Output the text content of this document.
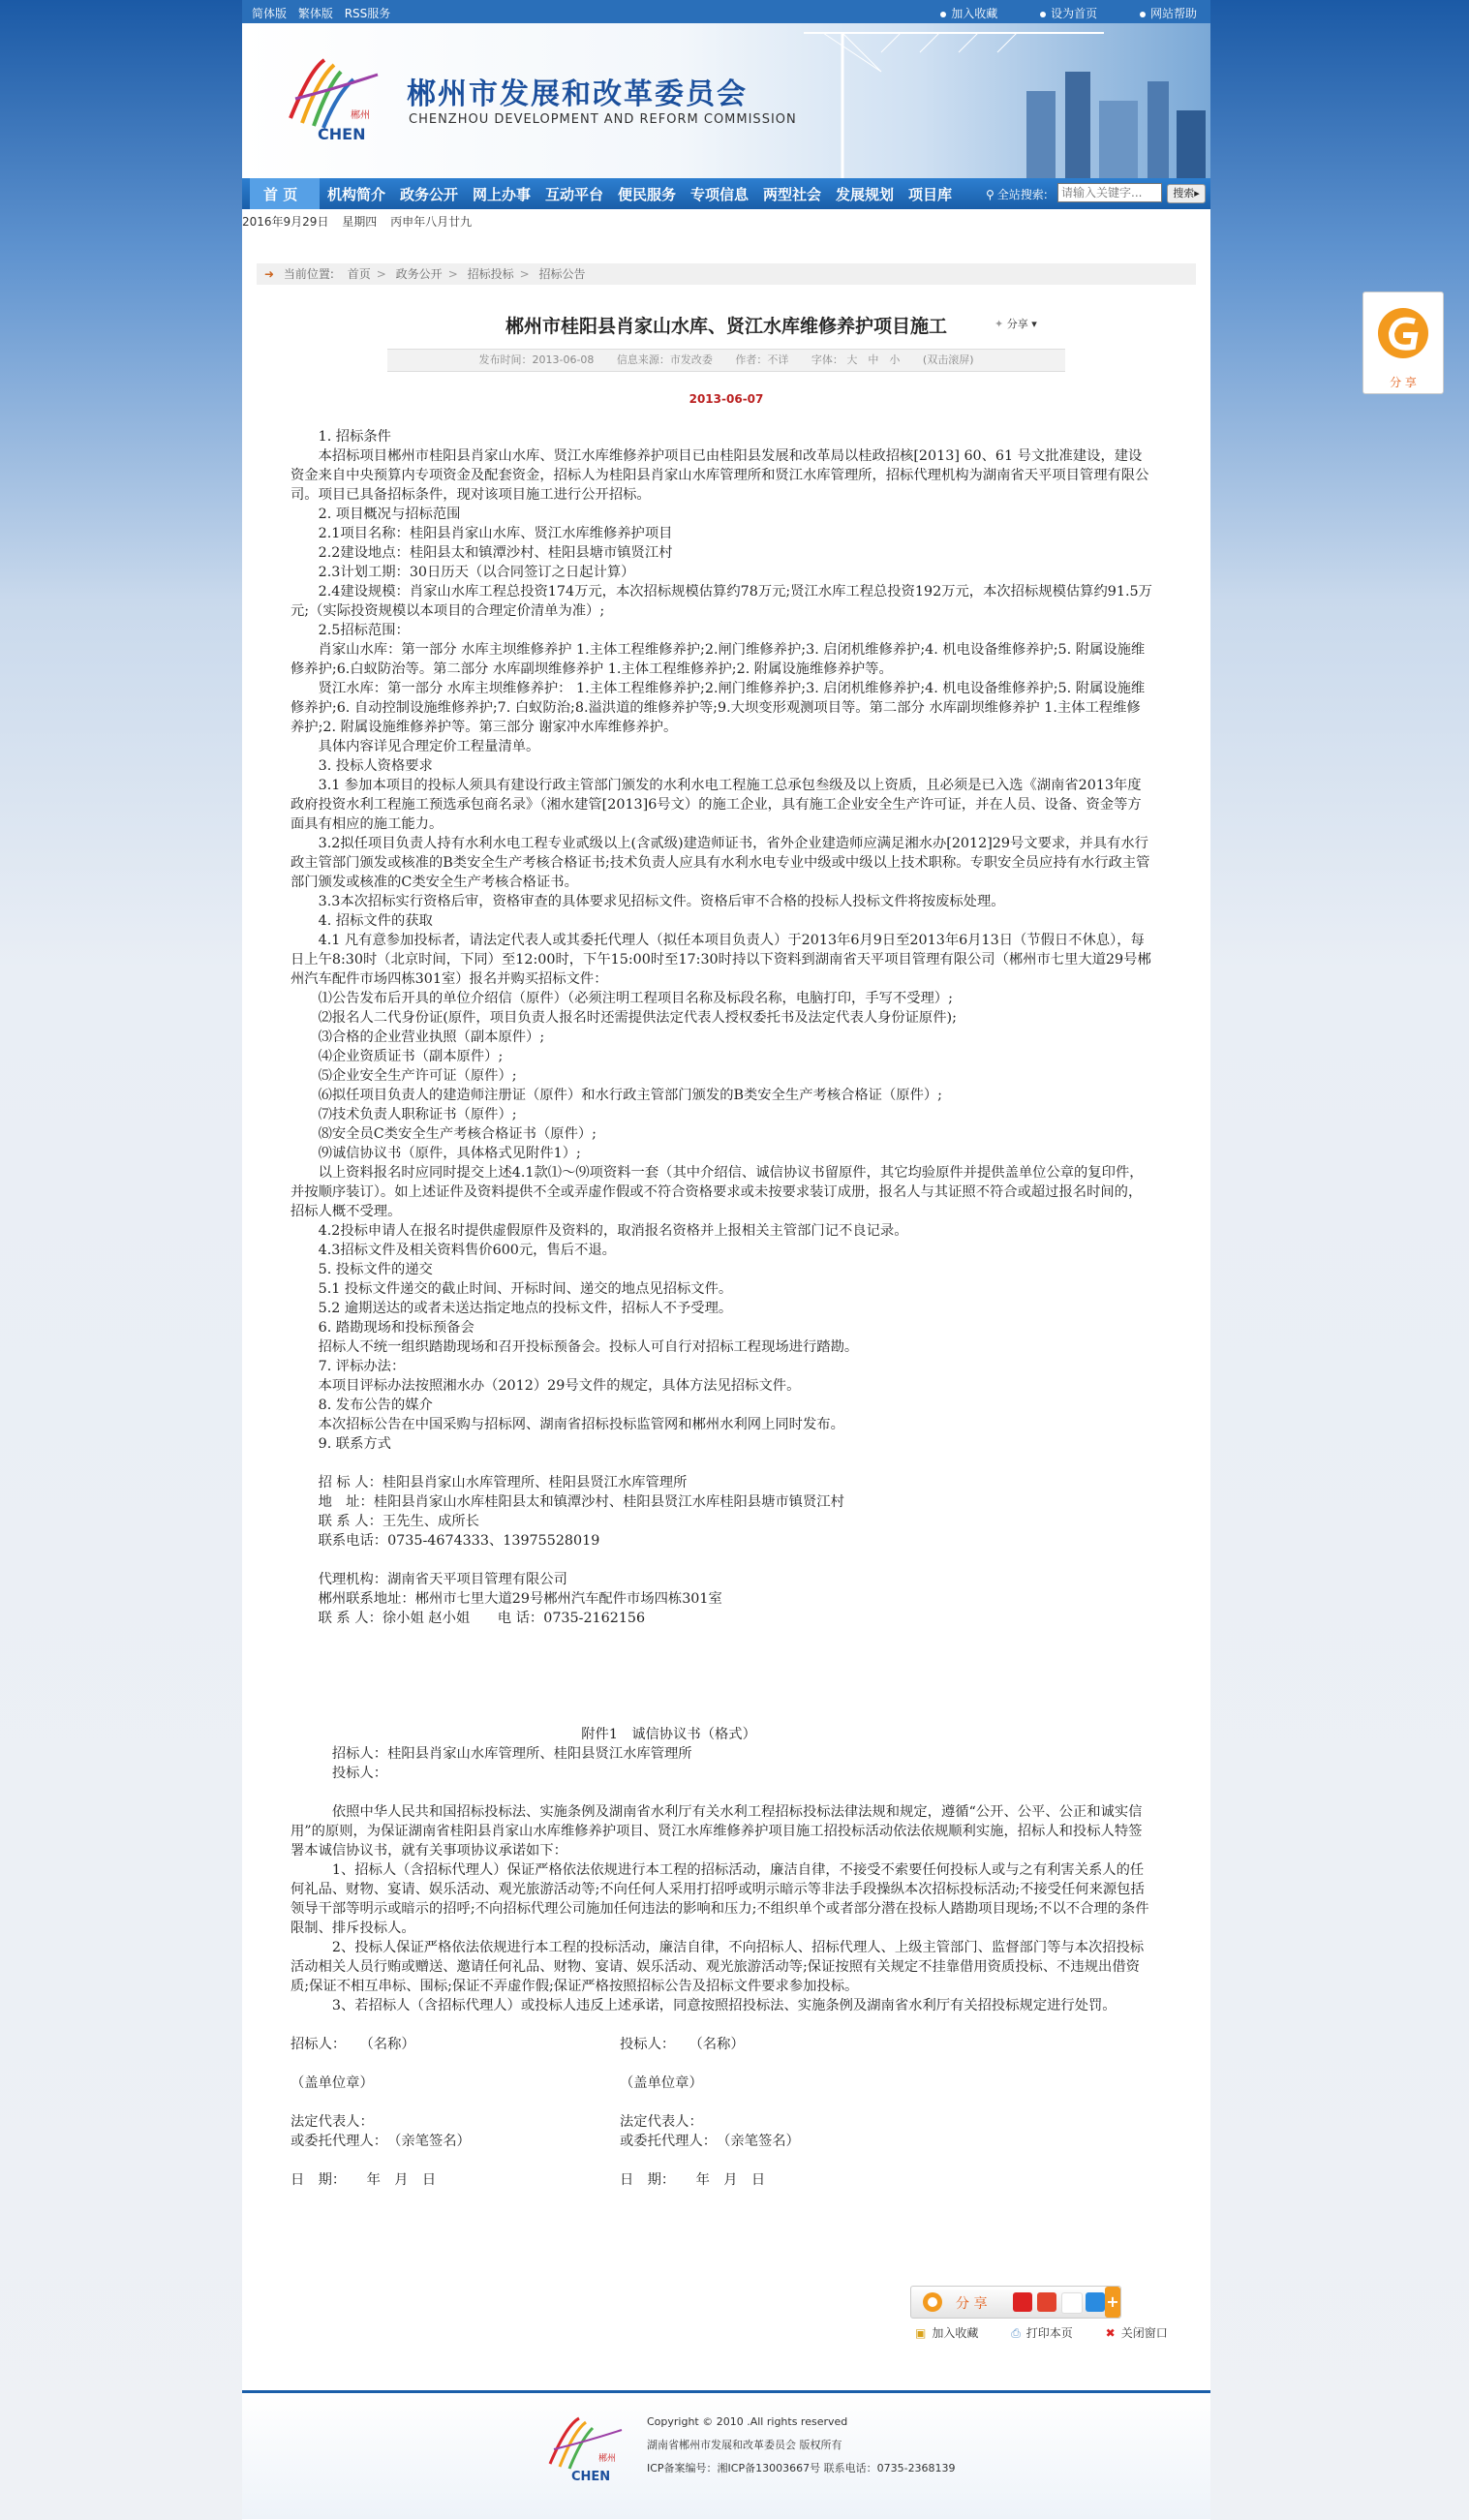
简体版 繁体版 RSS服务	加入收藏	设为首页	网站帮助
郴州
CHEN
郴州市发展和改革委员会
CHENZHOU DEVELOPMENT AND REFORM COMMISSION
首 页 机构简介 政务公开 网上办事 互动平台 便民服务 专项信息 两型社会 发展规划 项目库	⚲ 全站搜索:
请输入关键字...	搜索▸
2016年9月29日 星期四 丙申年八月廿九
➜ 当前位置: 首页 > 政务公开 > 招标投标 > 招标公告
郴州市桂阳县肖家山水库、贤江水库维修养护项目施工	✦ 分享 ▾
发布时间：2013-06-08 信息来源：市发改委 作者：不详 字体： 大　中　小 (双击滚屏)
2013-06-07

　　1. 招标条件

　　本招标项目郴州市桂阳县肖家山水库、贤江水库维修养护项目已由桂阳县发展和改革局以桂政招核[2013] 60、61 号文批准建设，建设资金来自中央预算内专项资金及配套资金，招标人为桂阳县肖家山水库管理所和贤江水库管理所，招标代理机构为湖南省天平项目管理有限公司。项目已具备招标条件，现对该项目施工进行公开招标。

　　2. 项目概况与招标范围

　　2.1项目名称：桂阳县肖家山水库、贤江水库维修养护项目

　　2.2建设地点：桂阳县太和镇潭沙村、桂阳县塘市镇贤江村

　　2.3计划工期：30日历天（以合同签订之日起计算）

　　2.4建设规模：肖家山水库工程总投资174万元，本次招标规模估算约78万元;贤江水库工程总投资192万元，本次招标规模估算约91.5万元;（实际投资规模以本项目的合理定价清单为准）;

　　2.5招标范围：

　　肖家山水库：第一部分 水库主坝维修养护 1.主体工程维修养护;2.闸门维修养护;3. 启闭机维修养护;4. 机电设备维修养护;5. 附属设施维修养护;6.白蚁防治等。第二部分 水库副坝维修养护 1.主体工程维修养护;2. 附属设施维修养护等。

　　贤江水库：第一部分 水库主坝维修养护： 1.主体工程维修养护;2.闸门维修养护;3. 启闭机维修养护;4. 机电设备维修养护;5. 附属设施维修养护;6. 自动控制设施维修养护;7. 白蚁防治;8.溢洪道的维修养护等;9.大坝变形观测项目等。第二部分 水库副坝维修养护 1.主体工程维修养护;2. 附属设施维修养护等。第三部分 谢家冲水库维修养护。

　　具体内容详见合理定价工程量清单。

　　3. 投标人资格要求

　　3.1 参加本项目的投标人须具有建设行政主管部门颁发的水利水电工程施工总承包叁级及以上资质，且必须是已入选《湖南省2013年度政府投资水利工程施工预选承包商名录》（湘水建管[2013]6号文）的施工企业，具有施工企业安全生产许可证，并在人员、设备、资金等方面具有相应的施工能力。

　　3.2拟任项目负责人持有水利水电工程专业贰级以上(含贰级)建造师证书，省外企业建造师应满足湘水办[2012]29号文要求，并具有水行政主管部门颁发或核准的B类安全生产考核合格证书;技术负责人应具有水利水电专业中级或中级以上技术职称。专职安全员应持有水行政主管部门颁发或核准的C类安全生产考核合格证书。

　　3.3本次招标实行资格后审，资格审查的具体要求见招标文件。资格后审不合格的投标人投标文件将按废标处理。

　　4. 招标文件的获取

　　4.1 凡有意参加投标者，请法定代表人或其委托代理人（拟任本项目负责人）于2013年6月9日至2013年6月13日（节假日不休息），每日上午8:30时（北京时间，下同）至12:00时，下午15:00时至17:30时持以下资料到湖南省天平项目管理有限公司（郴州市七里大道29号郴州汽车配件市场四栋301室）报名并购买招标文件：

　　⑴公告发布后开具的单位介绍信（原件）（必须注明工程项目名称及标段名称，电脑打印，手写不受理）;

　　⑵报名人二代身份证(原件，项目负责人报名时还需提供法定代表人授权委托书及法定代表人身份证原件);

　　⑶合格的企业营业执照（副本原件）;

　　⑷企业资质证书（副本原件）;

　　⑸企业安全生产许可证（原件）;

　　⑹拟任项目负责人的建造师注册证（原件）和水行政主管部门颁发的B类安全生产考核合格证（原件）;

　　⑺技术负责人职称证书（原件）;

　　⑻安全员C类安全生产考核合格证书（原件）;

　　⑼诚信协议书（原件，具体格式见附件1）;

　　以上资料报名时应同时提交上述4.1款⑴～⑼项资料一套（其中介绍信、诚信协议书留原件，其它均验原件并提供盖单位公章的复印件，并按顺序装订）。如上述证件及资料提供不全或弄虚作假或不符合资格要求或未按要求装订成册，报名人与其证照不符合或超过报名时间的，招标人概不受理。

　　4.2投标申请人在报名时提供虚假原件及资料的，取消报名资格并上报相关主管部门记不良记录。

　　4.3招标文件及相关资料售价600元，售后不退。

　　5. 投标文件的递交

　　5.1 投标文件递交的截止时间、开标时间、递交的地点见招标文件。

　　5.2 逾期送达的或者未送达指定地点的投标文件，招标人不予受理。

　　6. 踏勘现场和投标预备会

　　招标人不统一组织踏勘现场和召开投标预备会。投标人可自行对招标工程现场进行踏勘。

　　7. 评标办法：

　　本项目评标办法按照湘水办（2012）29号文件的规定，具体方法见招标文件。

　　8. 发布公告的媒介

　　本次招标公告在中国采购与招标网、湖南省招标投标监管网和郴州水利网上同时发布。

　　9. 联系方式

　　招 标 人：桂阳县肖家山水库管理所、桂阳县贤江水库管理所

　　地　址：桂阳县肖家山水库桂阳县太和镇潭沙村、桂阳县贤江水库桂阳县塘市镇贤江村

　　联 系 人：王先生、成所长

　　联系电话：0735-4674333、13975528019

　　代理机构：湖南省天平项目管理有限公司

　　郴州联系地址：郴州市七里大道29号郴州汽车配件市场四栋301室

　　联 系 人：徐小姐 赵小姐　　电 话：0735-2162156

　　　　　　　　　　　　　　　　　　　　　附件1　诚信协议书（格式）

　　　招标人：桂阳县肖家山水库管理所、桂阳县贤江水库管理所

　　　投标人：

　　　依照中华人民共和国招标投标法、实施条例及湖南省水利厅有关水利工程招标投标法律法规和规定，遵循“公开、公平、公正和诚实信用”的原则，为保证湖南省桂阳县肖家山水库维修养护项目、贤江水库维修养护项目施工招投标活动依法依规顺利实施，招标人和投标人特签署本诚信协议书，就有关事项协议承诺如下：

　　　1、招标人（含招标代理人）保证严格依法依规进行本工程的招标活动，廉洁自律，不接受不索要任何投标人或与之有利害关系人的任何礼品、财物、宴请、娱乐活动、观光旅游活动等;不向任何人采用打招呼或明示暗示等非法手段操纵本次招标投标活动;不接受任何来源包括领导干部等明示或暗示的招呼;不向招标代理公司施加任何违法的影响和压力;不组织单个或者部分潜在投标人踏勘项目现场;不以不合理的条件限制、排斥投标人。

　　　2、投标人保证严格依法依规进行本工程的投标活动，廉洁自律，不向招标人、招标代理人、上级主管部门、监督部门等与本次招投标活动相关人员行贿或赠送、邀请任何礼品、财物、宴请、娱乐活动、观光旅游活动等;保证按照有关规定不挂靠借用资质投标、不违规出借资质;保证不相互串标、围标;保证不弄虚作假;保证严格按照招标公告及招标文件要求参加投标。

　　　3、若招标人（含招标代理人）或投标人违反上述承诺，同意按照招投标法、实施条例及湖南省水利厅有关招投标规定进行处罚。

招标人：　　（名称）	投标人：　　（名称）
（盖单位章）	（盖单位章）
法定代表人：	法定代表人：
或委托代理人：　（亲笔签名）	或委托代理人：　（亲笔签名）
日　期：　　年　月　日	日　期：　　年　月　日
分 享	+
▣ 加入收藏	⎙ 打印本页	✖ 关闭窗口
郴州
CHEN
Copyright © 2010 .All rights reserved
湖南省郴州市发展和改革委员会 版权所有
ICP备案编号：湘ICP备13003667号 联系电话：0735-2368139
分 享
